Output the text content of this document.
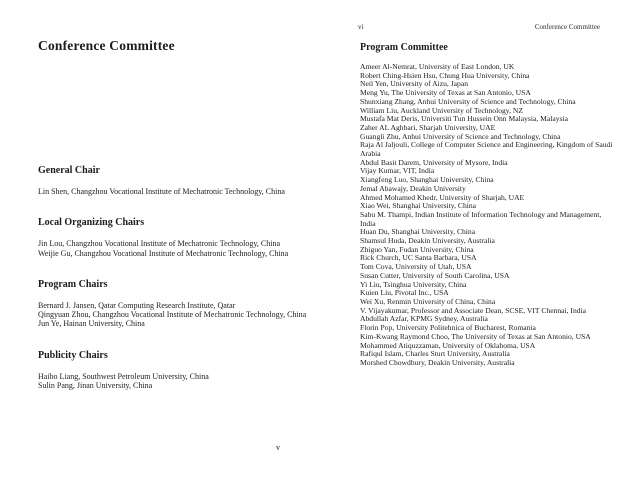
Conference Committee
General Chair
Lin Shen, Changzhou Vocational Institute of Mechatronic Technology, China
Local Organizing Chairs
Jin Lou, Changzhou Vocational Institute of Mechatronic Technology, China
Weijie Gu, Changzhou Vocational Institute of Mechatronic Technology, China
Program Chairs
Bernard J. Jansen, Qatar Computing Research Institute, Qatar
Qingyuan Zhou, Changzhou Vocational Institute of Mechatronic Technology, China
Jun Ye, Hainan University, China
Publicity Chairs
Haibo Liang, Southwest Petroleum University, China
Sulin Pang, Jinan University, China
v
vi	Conference Committee
Program Committee
Ameer Al-Nemrat, University of East London, UK
Robert Ching-Hsien Hsu, Chung Hua University, China
Neil Yen, University of Aizu, Japan
Meng Yu, The University of Texas at San Antonio, USA
Shunxiang Zhang, Anhui University of Science and Technology, China
William Liu, Auckland University of Technology, NZ
Mustafa Mat Deris, Universiti Tun Hussein Onn Malaysia, Malaysia
Zaher AL Aghbari, Sharjah University, UAE
Guangli Zhu, Anhui University of Science and Technology, China
Raja Al Jaljouli, College of Computer Science and Engineering, Kingdom of Saudi Arabia
Abdul Basit Darem, University of Mysore, India
Vijay Kumar, VIT, India
Xiangfeng Luo, Shanghai University, China
Jemal Abawajy, Deakin University
Ahmed Mohamed Khedr, University of Sharjah, UAE
Xiao Wei, Shanghai University, China
Sabu M. Thampi, Indian Institute of Information Technology and Management, India
Huan Du, Shanghai University, China
Shamsul Huda, Deakin University, Australia
Zhiguo Yan, Fudan University, China
Rick Church, UC Santa Barbara, USA
Tom Cova, University of Utah, USA
Susan Cutter, University of South Carolina, USA
Yi Liu, Tsinghua University, China
Kuien Liu, Pivotal Inc., USA
Wei Xu, Renmin University of China, China
V. Vijayakumar, Professor and Associate Dean, SCSE, VIT Chennai, India
Abdullah Azfar, KPMG Sydney, Australia
Florin Pop, University Politehnica of Bucharest, Romania
Kim-Kwang Raymond Choo, The University of Texas at San Antonio, USA
Mohammed Atiquzzaman, University of Oklahoma, USA
Rafiqul Islam, Charles Sturt University, Australia
Morshed Chowdhury, Deakin University, Australia
